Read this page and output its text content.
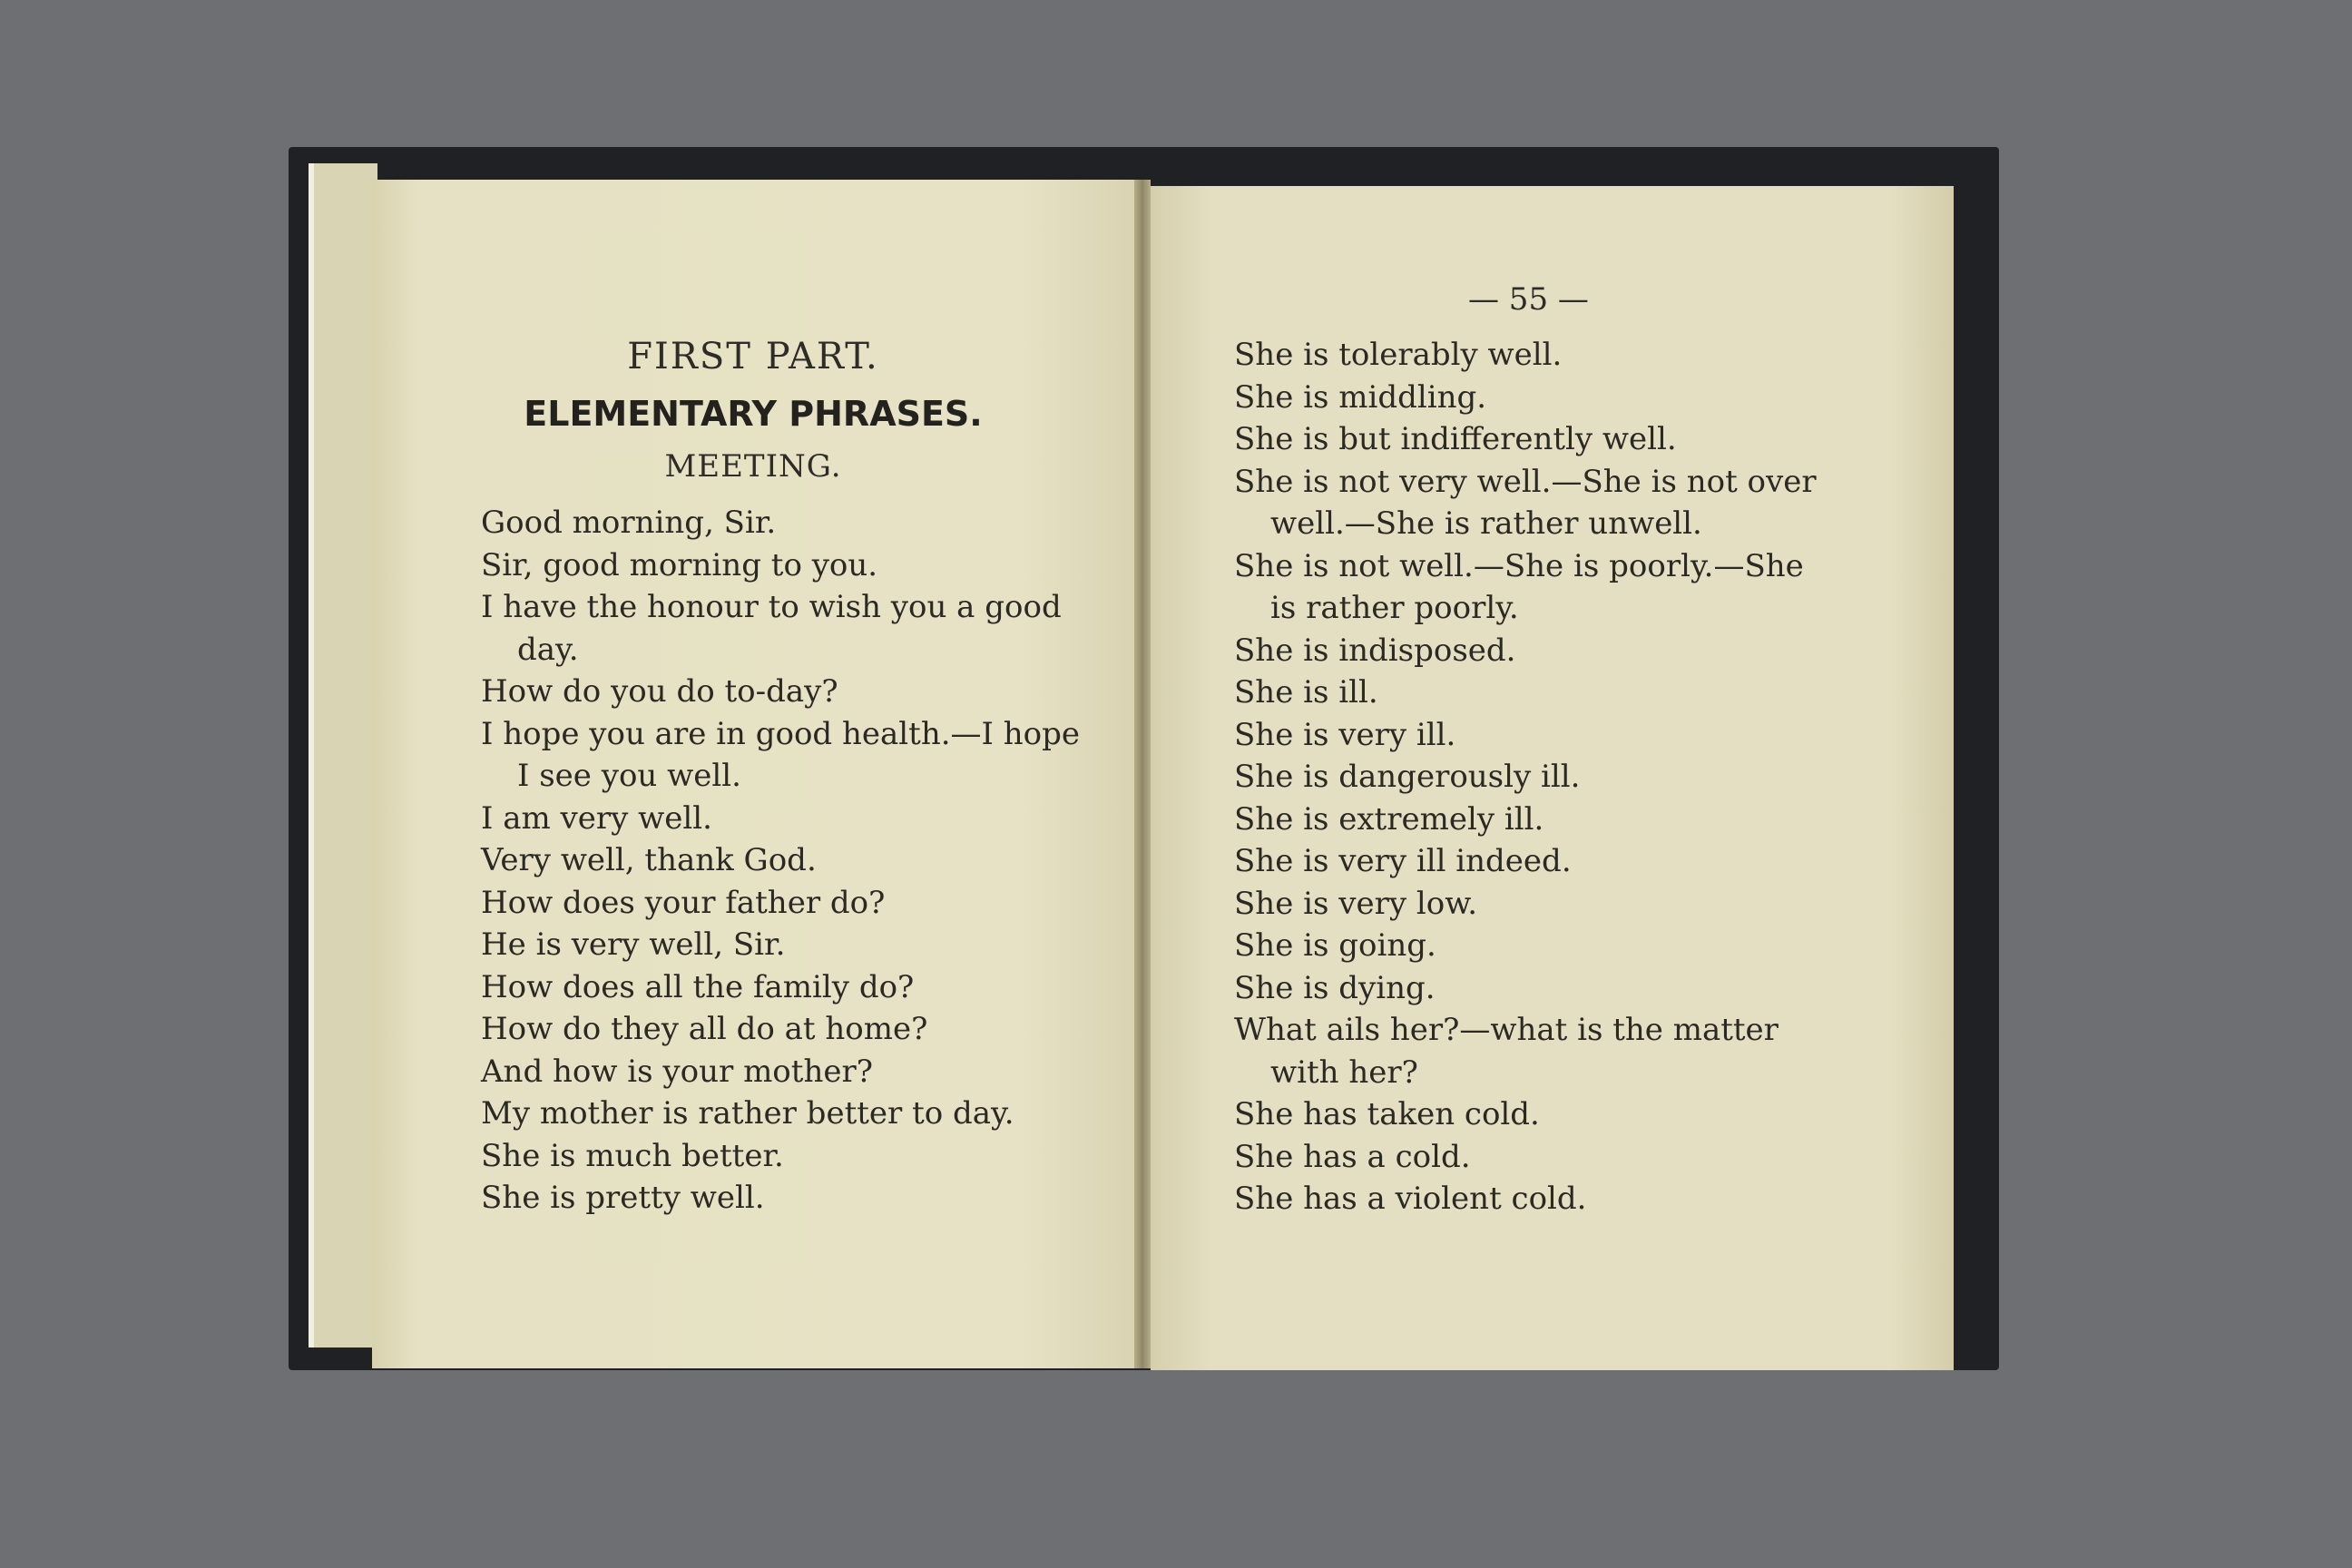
FIRST PART.
ELEMENTARY PHRASES.
MEETING.
Good morning, Sir.
Sir, good morning to you.
I have the honour to wish you a good
day.
How do you do to-day?
I hope you are in good health.—I hope
I see you well.
I am very well.
Very well, thank God.
How does your father do?
He is very well, Sir.
How does all the family do?
How do they all do at home?
And how is your mother?
My mother is rather better to day.
She is much better.
She is pretty well.
— 55 —
She is tolerably well.
She is middling.
She is but indifferently well.
She is not very well.—She is not over
well.—She is rather unwell.
She is not well.—She is poorly.—She
is rather poorly.
She is indisposed.
She is ill.
She is very ill.
She is dangerously ill.
She is extremely ill.
She is very ill indeed.
She is very low.
She is going.
She is dying.
What ails her?—what is the matter
with her?
She has taken cold.
She has a cold.
She has a violent cold.
